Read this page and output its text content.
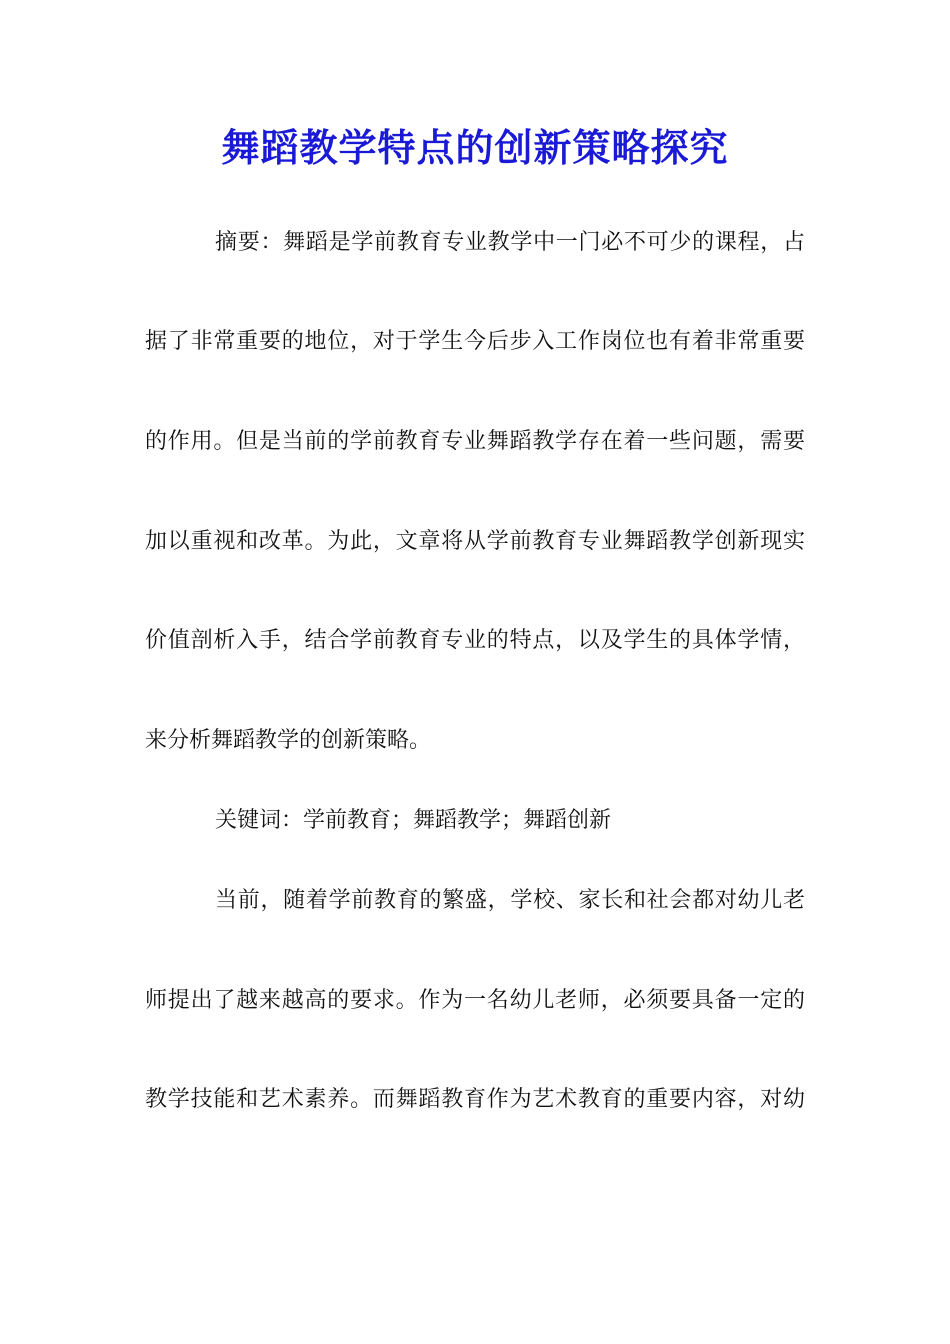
舞蹈教学特点的创新策略探究

摘要：舞蹈是学前教育专业教学中一门必不可少的课程，占

据了非常重要的地位，对于学生今后步入工作岗位也有着非常重要

的作用。但是当前的学前教育专业舞蹈教学存在着一些问题，需要

加以重视和改革。为此，文章将从学前教育专业舞蹈教学创新现实

价值剖析入手，结合学前教育专业的特点，以及学生的具体学情，

来分析舞蹈教学的创新策略。

关键词：学前教育；舞蹈教学；舞蹈创新

当前，随着学前教育的繁盛，学校、家长和社会都对幼儿老

师提出了越来越高的要求。作为一名幼儿老师，必须要具备一定的

教学技能和艺术素养。而舞蹈教育作为艺术教育的重要内容，对幼
